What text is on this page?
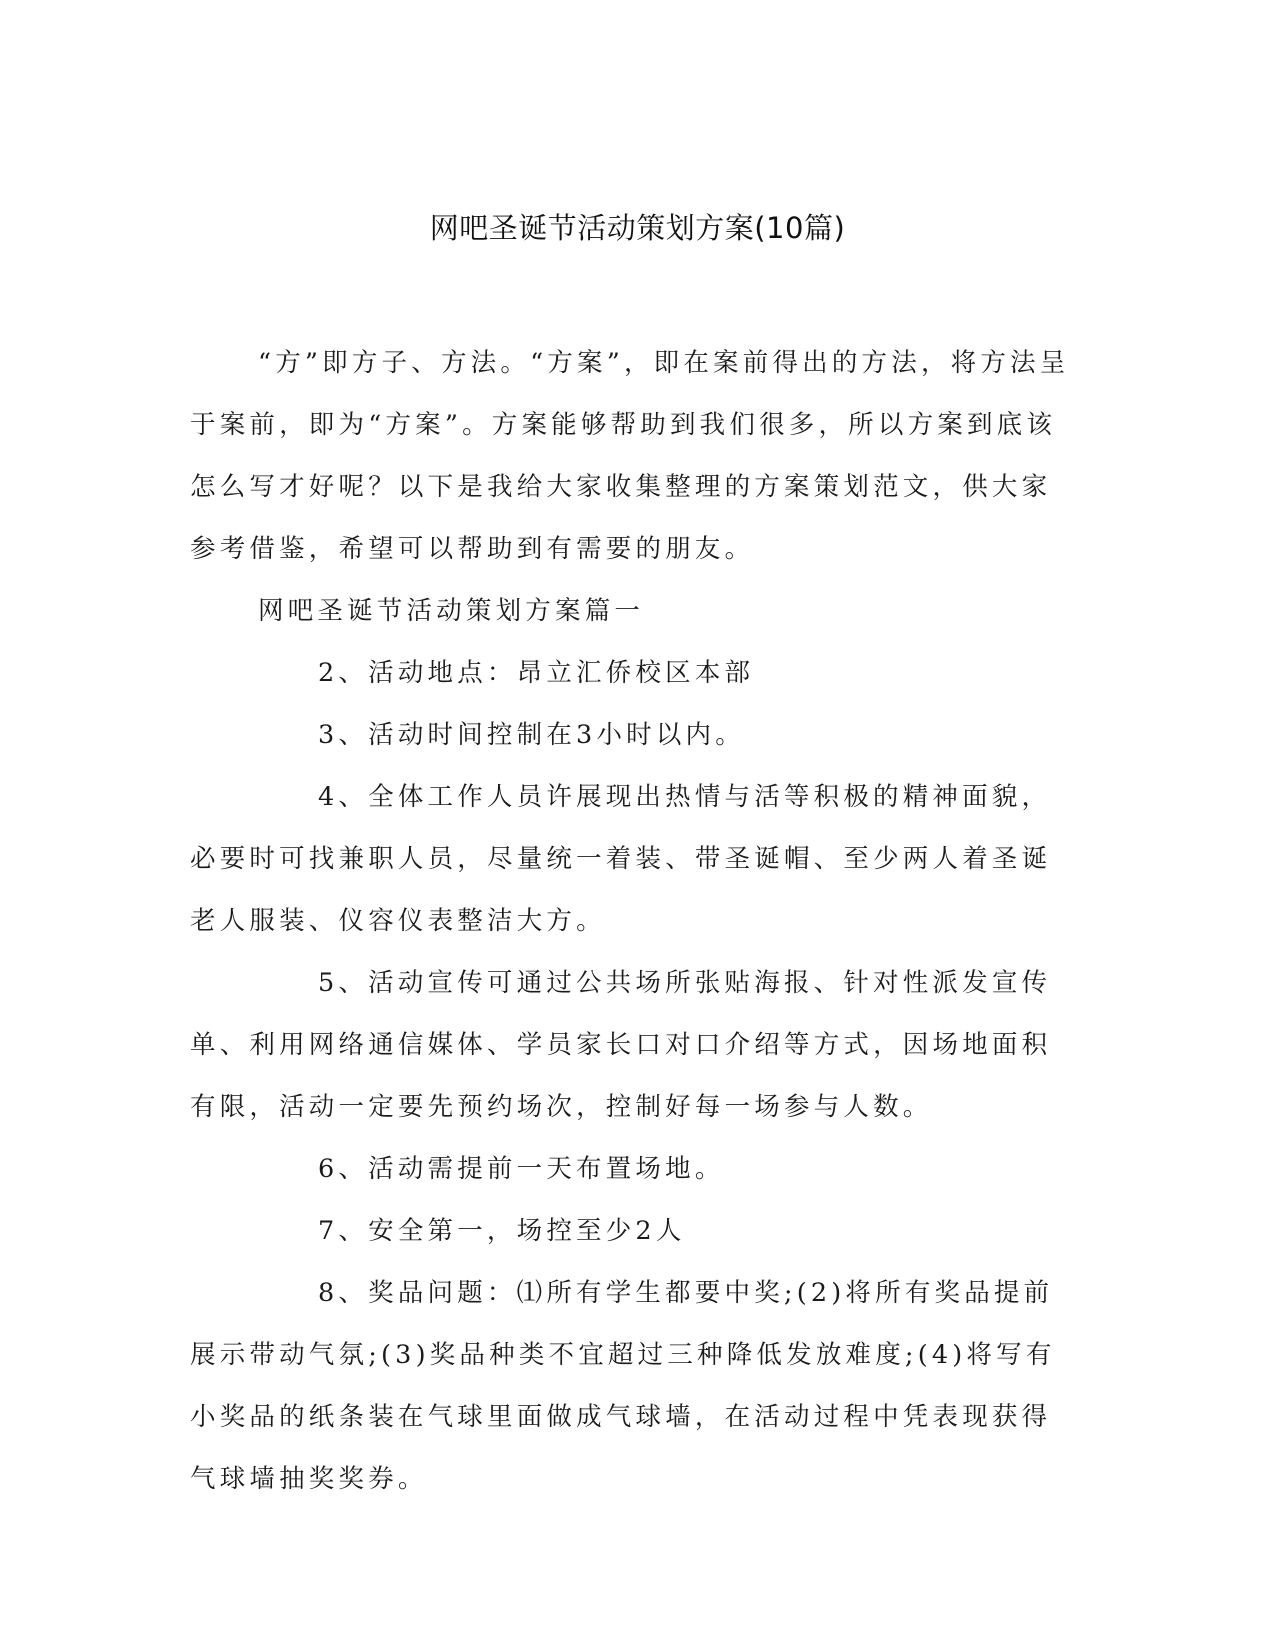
网吧圣诞节活动策划方案(10篇)

“方”即方子、方法。“方案”，即在案前得出的方法，将方法呈于案前，即为“方案”。方案能够帮助到我们很多，所以方案到底该怎么写才好呢？以下是我给大家收集整理的方案策划范文，供大家参考借鉴，希望可以帮助到有需要的朋友。

网吧圣诞节活动策划方案篇一

2、活动地点：昂立汇侨校区本部

3、活动时间控制在3小时以内。

4、全体工作人员许展现出热情与活等积极的精神面貌，必要时可找兼职人员，尽量统一着装、带圣诞帽、至少两人着圣诞老人服装、仪容仪表整洁大方。

5、活动宣传可通过公共场所张贴海报、针对性派发宣传单、利用网络通信媒体、学员家长口对口介绍等方式，因场地面积有限，活动一定要先预约场次，控制好每一场参与人数。

6、活动需提前一天布置场地。

7、安全第一，场控至少2人

8、奖品问题：⑴所有学生都要中奖;(2)将所有奖品提前展示带动气氛;(3)奖品种类不宜超过三种降低发放难度;(4)将写有小奖品的纸条装在气球里面做成气球墙，在活动过程中凭表现获得气球墙抽奖奖券。
